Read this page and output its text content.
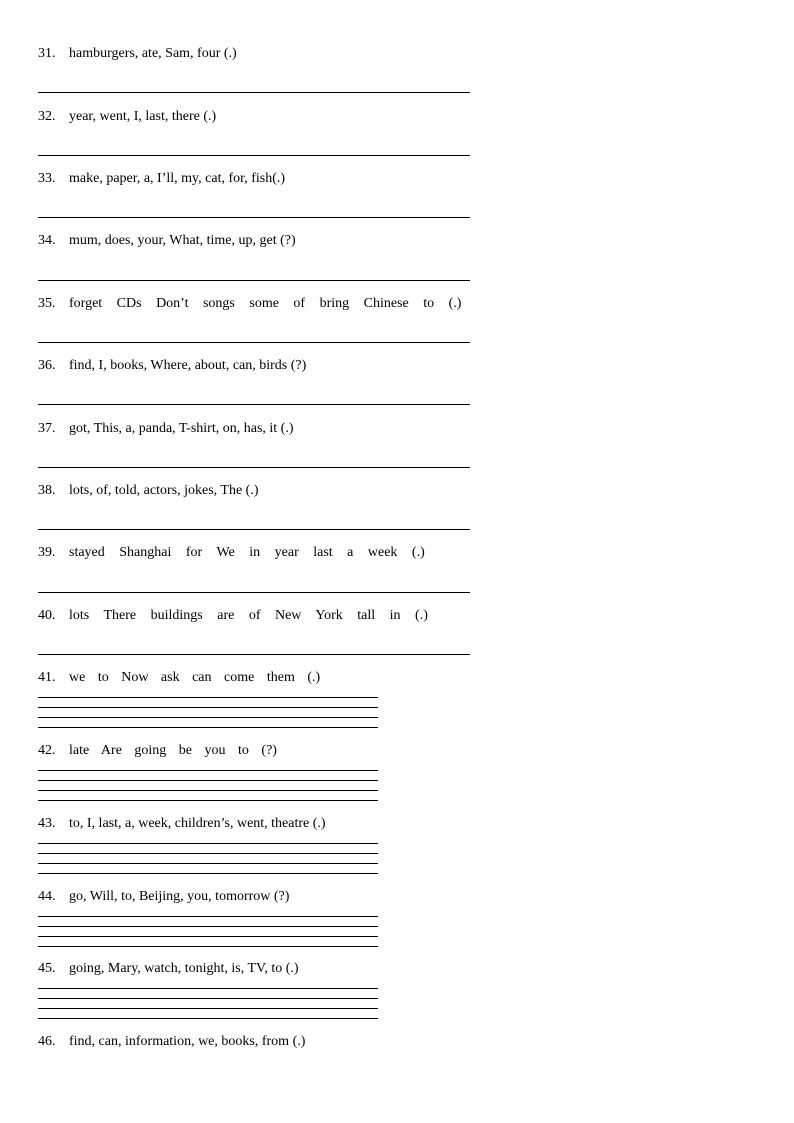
31. hamburgers, ate, Sam, four (.)
32. year, went, I, last, there (.)
33. make, paper, a, I’ll, my, cat, for, fish(.)
34. mum, does, your, What, time, up, get (?)
35. forget CDs Don’t songs some of bring Chinese to (.)
36. find, I, books, Where, about, can, birds (?)
37. got, This, a, panda, T-shirt, on, has, it (.)
38. lots, of, told, actors, jokes, The (.)
39. stayed Shanghai for We in year last a week (.)
40. lots There buildings are of New York tall in (.)
41. we to Now ask can come them (.)
42. late Are going be you to (?)
43. to, I, last, a, week, children’s, went, theatre (.)
44. go, Will, to, Beijing, you, tomorrow (?)
45. going, Mary, watch, tonight, is, TV, to (.)
46. find, can, information, we, books, from (.)
